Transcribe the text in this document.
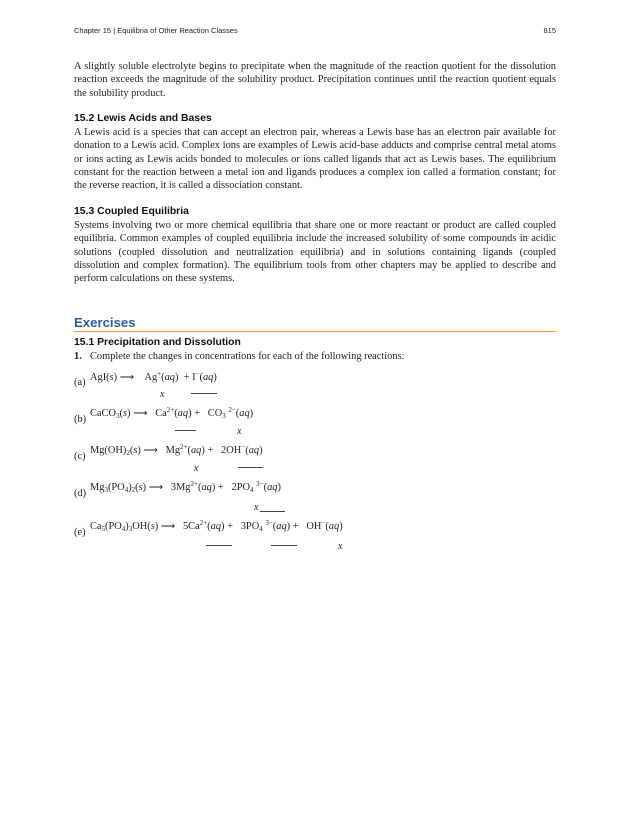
Chapter 15 | Equilibria of Other Reaction Classes	815

A slightly soluble electrolyte begins to precipitate when the magnitude of the reaction quotient for the dissolution reaction exceeds the magnitude of the solubility product. Precipitation continues until the reaction quotient equals the solubility product.

15.2 Lewis Acids and Bases

A Lewis acid is a species that can accept an electron pair, whereas a Lewis base has an electron pair available for donation to a Lewis acid. Complex ions are examples of Lewis acid-base adducts and comprise central metal atoms or ions acting as Lewis acids bonded to molecules or ions called ligands that act as Lewis bases. The equilibrium constant for the reaction between a metal ion and ligands produces a complex ion called a formation constant; for the reverse reaction, it is called a dissociation constant.

15.3 Coupled Equilibria

Systems involving two or more chemical equilibria that share one or more reactant or product are called coupled equilibria. Common examples of coupled equilibria include the increased solubility of some compounds in acidic solutions (coupled dissolution and neutralization equilibria) and in solutions containing ligands (coupled dissolution and complex formation). The equilibrium tools from other chapters may be applied to describe and perform calculations on these systems.

Exercises
15.1 Precipitation and Dissolution
1. Complete the changes in concentrations for each of the following reactions:
(a) AgI(s) ⟶    Ag+(aq)  + I−(aq)
x
(b)
CaCO$_3$(s) ⟶   $Ca^{2+}(aq) + CO_3$ $^{2-}$(aq)
x
(c)
$Mg(OH)_2(s)$ ⟶   $Mg^{2+}(aq) + 2OH^-(aq)$
x
(d)
$Mg_3(PO_4)_2(s)$ ⟶   $3Mg^{2+}(aq) + 2PO_4$ $^{3-}$(aq)
x
(e)
$Ca_5(PO_4)_3OH(s)$ ⟶   $5Ca^{2+}(aq) + 3PO_4$ $^{3-}$(aq) +   OH−(aq)
x
